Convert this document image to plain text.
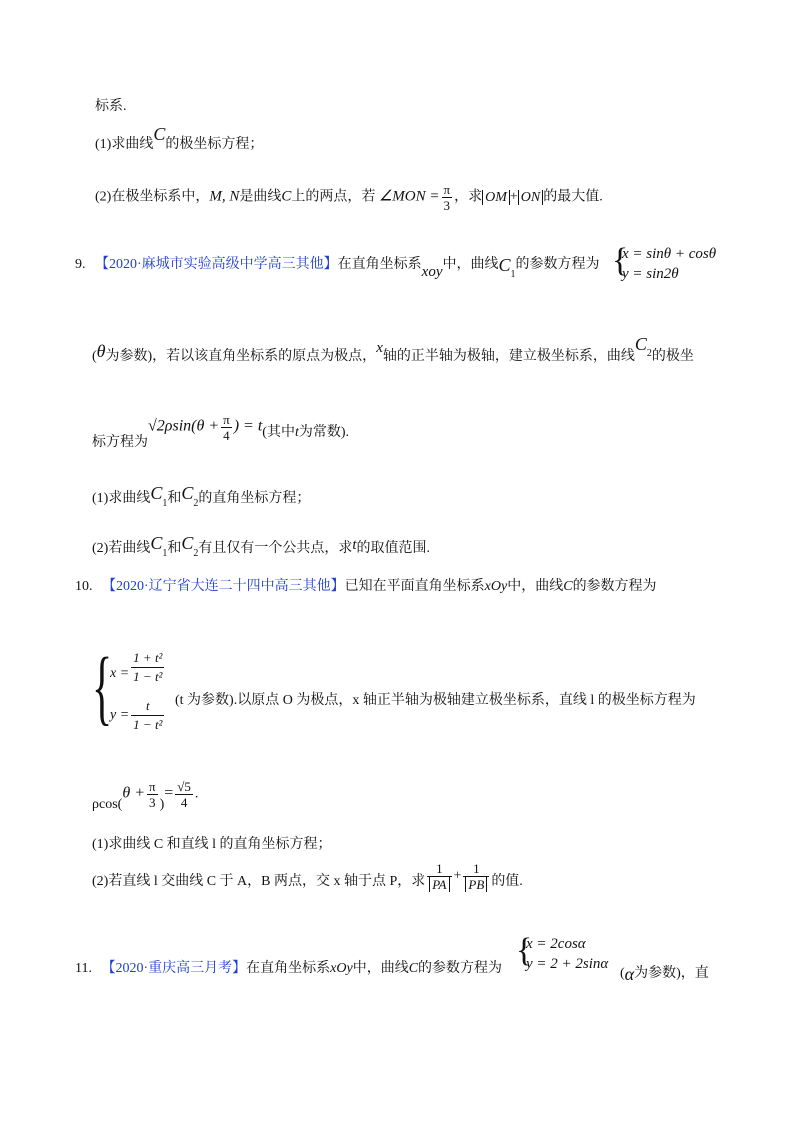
标系.
(1)求曲线C的极坐标方程；
(2)在极坐标系中，M, N是曲线C上的两点，若 ∠MON = $\frac{\pi}{3}$ ，求 OM + ON 的最大值.
9. 【2020·麻城市实验高级中学高三其他】在直角坐标系xoy中，曲线$C_1$的参数方程为 {
x = sinθ + cosθ
y = sin2θ
(θ为参数)，若以该直角坐标系的原点为极点，x轴的正半轴为极轴，建立极坐标系，曲线$C_2$的极坐
标方程为$√2\rho\sin(\theta + \frac{\pi}{4}$ ) = t(其中t为常数).
(1)求曲线$C_1$和$C_2$的直角坐标方程；
(2)若曲线$C_1$和$C_2$有且仅有一个公共点，求t的取值范围.
10. 【2020·辽宁省大连二十四中高三其他】已知在平面直角坐标系xOy中，曲线C的参数方程为
{
$x = \frac{\text{1 + t²}}{\text{1 − t²}}$
$y = \frac{t}{\text{1 − t²}} (t$ 为参数).以原点 O 为极点，x 轴正半轴为极轴建立极坐标系，直线 l 的极坐标方程为
$\rho\cos(\theta + \frac{\pi}{3}$ )= $\frac{√5}{4}$ .
(1)求曲线 C 和直线 l 的直角坐标方程；
(2)若直线 l 交曲线 C 于 A，B 两点，交 x 轴于点 P，求 $\frac{1}{PA} + \frac{1}{PB}$ 的值.
11. 【2020·重庆高三月考】在直角坐标系xOy中，曲线C的参数方程为 {
x = 2cosα
y = 2 + 2sinα
(α为参数)，直
